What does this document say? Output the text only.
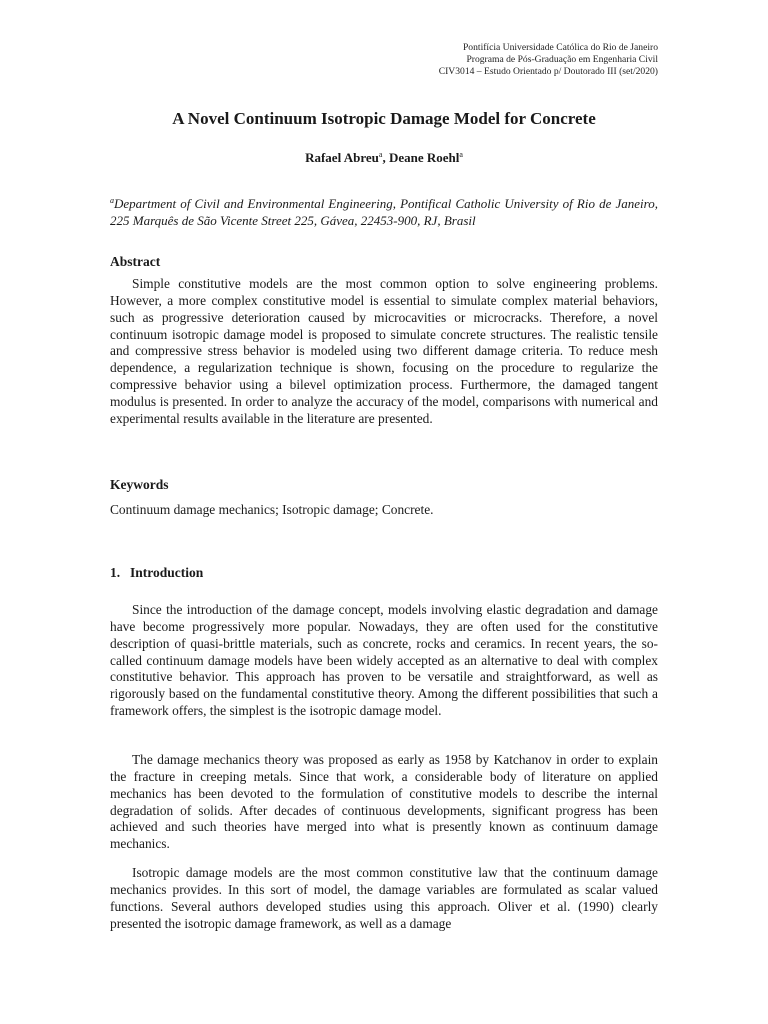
Pontifícia Universidade Católica do Rio de Janeiro
Programa de Pós-Graduação em Engenharia Civil
CIV3014 – Estudo Orientado p/ Doutorado III (set/2020)
A Novel Continuum Isotropic Damage Model for Concrete
Rafael Abreu$^a$, Deane Roehl$^a$
$^a$Department of Civil and Environmental Engineering, Pontifical Catholic University of Rio de Janeiro, 225 Marquês de São Vicente Street 225, Gávea, 22453-900, RJ, Brasil
Abstract

Simple constitutive models are the most common option to solve engineering problems. However, a more complex constitutive model is essential to simulate complex material behaviors, such as progressive deterioration caused by microcavities or microcracks. Therefore, a novel continuum isotropic damage model is proposed to simulate concrete structures. The realistic tensile and compressive stress behavior is modeled using two different damage criteria. To reduce mesh dependence, a regularization technique is shown, focusing on the procedure to regularize the compressive behavior using a bilevel optimization process. Furthermore, the damaged tangent modulus is presented. In order to analyze the accuracy of the model, comparisons with numerical and experimental results available in the literature are presented.

Keywords

Continuum damage mechanics; Isotropic damage; Concrete.

1. Introduction

Since the introduction of the damage concept, models involving elastic degradation and damage have become progressively more popular. Nowadays, they are often used for the constitutive description of quasi-brittle materials, such as concrete, rocks and ceramics. In recent years, the so-called continuum damage models have been widely accepted as an alternative to deal with complex constitutive behavior. This approach has proven to be versatile and straightforward, as well as rigorously based on the fundamental constitutive theory. Among the different possibilities that such a framework offers, the simplest is the isotropic damage model.

The damage mechanics theory was proposed as early as 1958 by Katchanov in order to explain the fracture in creeping metals. Since that work, a considerable body of literature on applied mechanics has been devoted to the formulation of constitutive models to describe the internal degradation of solids. After decades of continuous developments, significant progress has been achieved and such theories have merged into what is presently known as continuum damage mechanics.

Isotropic damage models are the most common constitutive law that the continuum damage mechanics provides. In this sort of model, the damage variables are formulated as scalar valued functions. Several authors developed studies using this approach. Oliver et al. (1990) clearly presented the isotropic damage framework, as well as a damage
